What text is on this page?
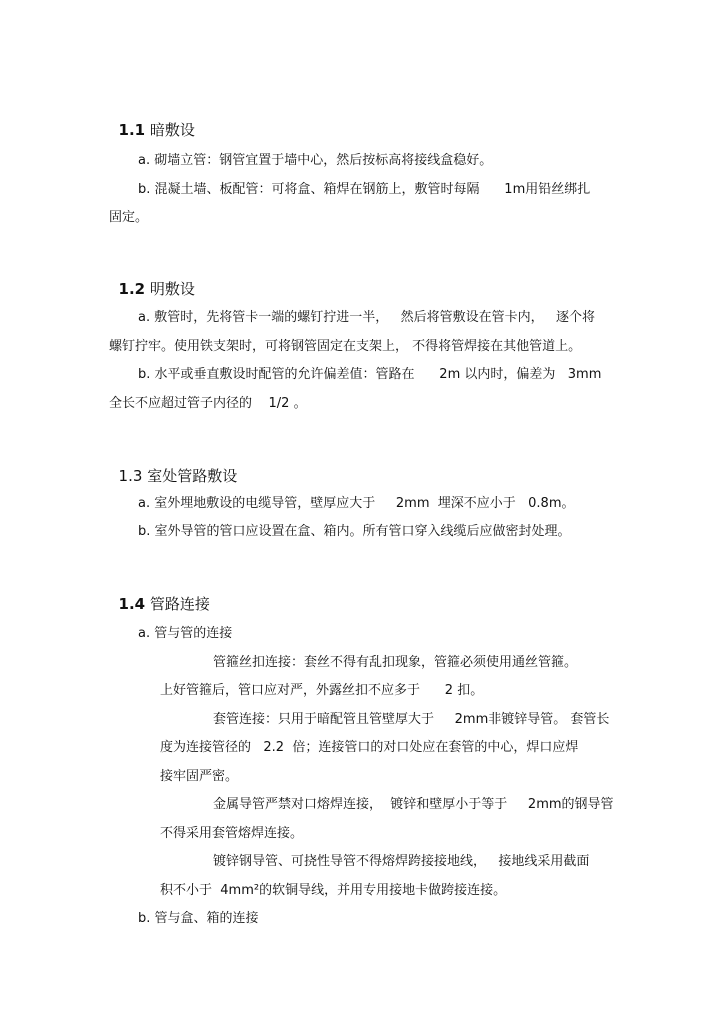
1.1 暗敷设

a. 砌墙立管：钢管宜置于墙中心，然后按标高将接线盒稳好。
b. 混凝土墙、板配管：可将盒、箱焊在钢筋上，敷管时每隔      1m用铅丝绑扎
固定。

1.2 明敷设

a. 敷管时，先将管卡一端的螺钉拧进一半，   然后将管敷设在管卡内，   逐个将
螺钉拧牢。使用铁支架时，可将钢管固定在支架上， 不得将管焊接在其他管道上。
b. 水平或垂直敷设时配管的允许偏差值：管路在      2m 以内时，偏差为   3mm
全长不应超过管子内径的    1/2 。

1.3 室处管路敷设

a. 室外埋地敷设的电缆导管，壁厚应大于     2mm  埋深不应小于   0.8m。
b. 室外导管的管口应设置在盒、箱内。所有管口穿入线缆后应做密封处理。

1.4 管路连接

a. 管与管的连接
管箍丝扣连接：套丝不得有乱扣现象，管箍必须使用通丝管箍。
上好管箍后，管口应对严，外露丝扣不应多于      2 扣。
套管连接：只用于暗配管且管壁厚大于     2mm非镀锌导管。 套管长
度为连接管径的   2.2  倍；连接管口的对口处应在套管的中心，焊口应焊
接牢固严密。
金属导管严禁对口熔焊连接，  镀锌和壁厚小于等于     2mm的钢导管
不得采用套管熔焊连接。
镀锌钢导管、可挠性导管不得熔焊跨接接地线，   接地线采用截面
积不小于  4mm²的软铜导线，并用专用接地卡做跨接连接。
b. 管与盒、箱的连接
